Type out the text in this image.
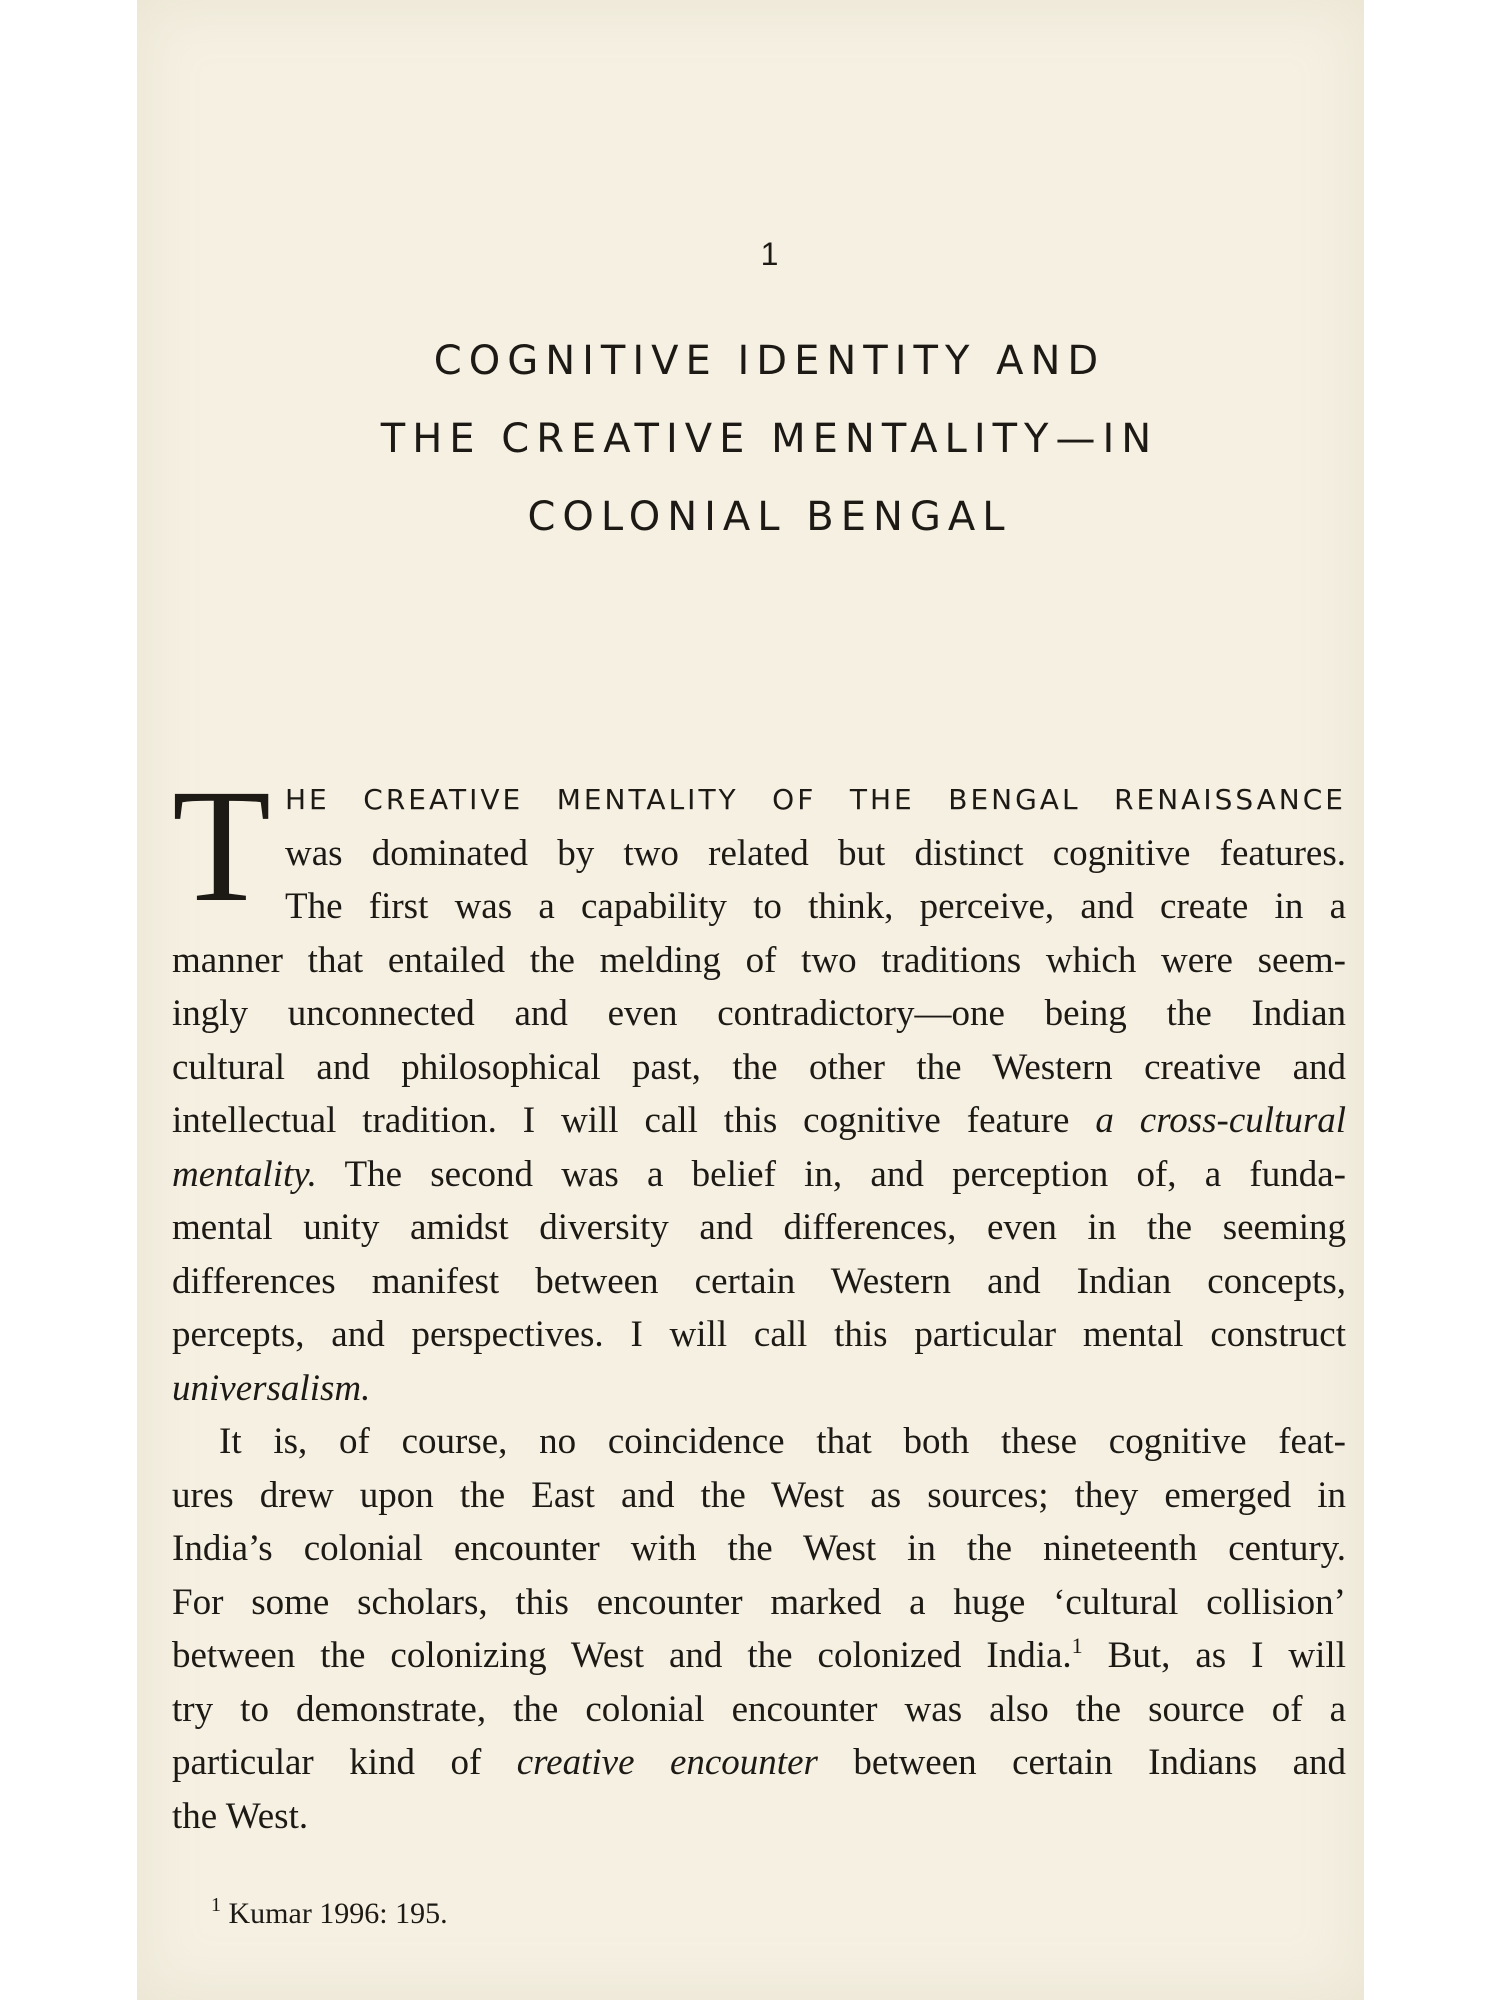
1
COGNITIVE IDENTITY AND
THE CREATIVE MENTALITY—IN
COLONIAL BENGAL
T HE CREATIVE MENTALITY OF THE BENGAL RENAISSANCE
was dominated by two related but distinct cognitive features.
The first was a capability to think, perceive, and create in a
manner that entailed the melding of two traditions which were seem-
ingly unconnected and even contradictory—one being the Indian
cultural and philosophical past, the other the Western creative and
intellectual tradition. I will call this cognitive feature a cross-cultural
mentality. The second was a belief in, and perception of, a funda-
mental unity amidst diversity and differences, even in the seeming
differences manifest between certain Western and Indian concepts,
percepts, and perspectives. I will call this particular mental construct
universalism.
It is, of course, no coincidence that both these cognitive feat-
ures drew upon the East and the West as sources; they emerged in
India’s colonial encounter with the West in the nineteenth century.
For some scholars, this encounter marked a huge ‘cultural collision’
between the colonizing West and the colonized India.$^1$ But, as I will
try to demonstrate, the colonial encounter was also the source of a
particular kind of creative encounter between certain Indians and
the West.
$^1$ Kumar 1996: 195.
